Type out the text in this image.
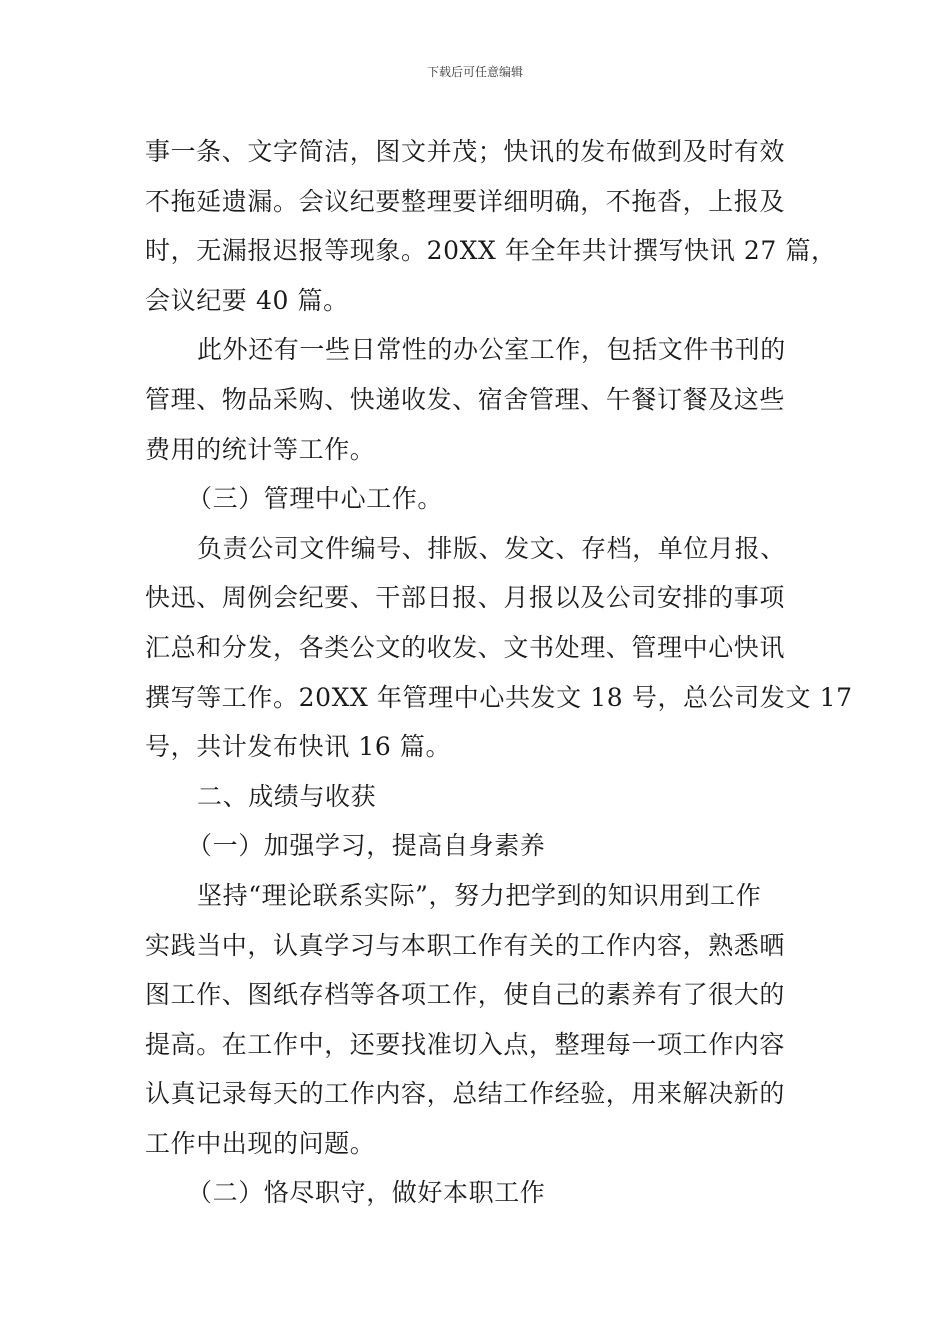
下载后可任意编辑

事一条、文字简洁，图文并茂；快讯的发布做到及时有效

不拖延遗漏。会议纪要整理要详细明确，不拖沓，上报及

时，无漏报迟报等现象。20XX 年全年共计撰写快讯 27 篇，

会议纪要 40 篇。

此外还有一些日常性的办公室工作，包括文件书刊的

管理、物品采购、快递收发、宿舍管理、午餐订餐及这些

费用的统计等工作。

（三）管理中心工作。

负责公司文件编号、排版、发文、存档，单位月报、

快迅、周例会纪要、干部日报、月报以及公司安排的事项

汇总和分发，各类公文的收发、文书处理、管理中心快讯

撰写等工作。20XX 年管理中心共发文 18 号，总公司发文 17

号，共计发布快讯 16 篇。

二、成绩与收获

（一）加强学习，提高自身素养

坚持“理论联系实际”，努力把学到的知识用到工作

实践当中，认真学习与本职工作有关的工作内容，熟悉晒

图工作、图纸存档等各项工作，使自己的素养有了很大的

提高。在工作中，还要找准切入点，整理每一项工作内容

认真记录每天的工作内容，总结工作经验，用来解决新的

工作中出现的问题。

（二）恪尽职守，做好本职工作
